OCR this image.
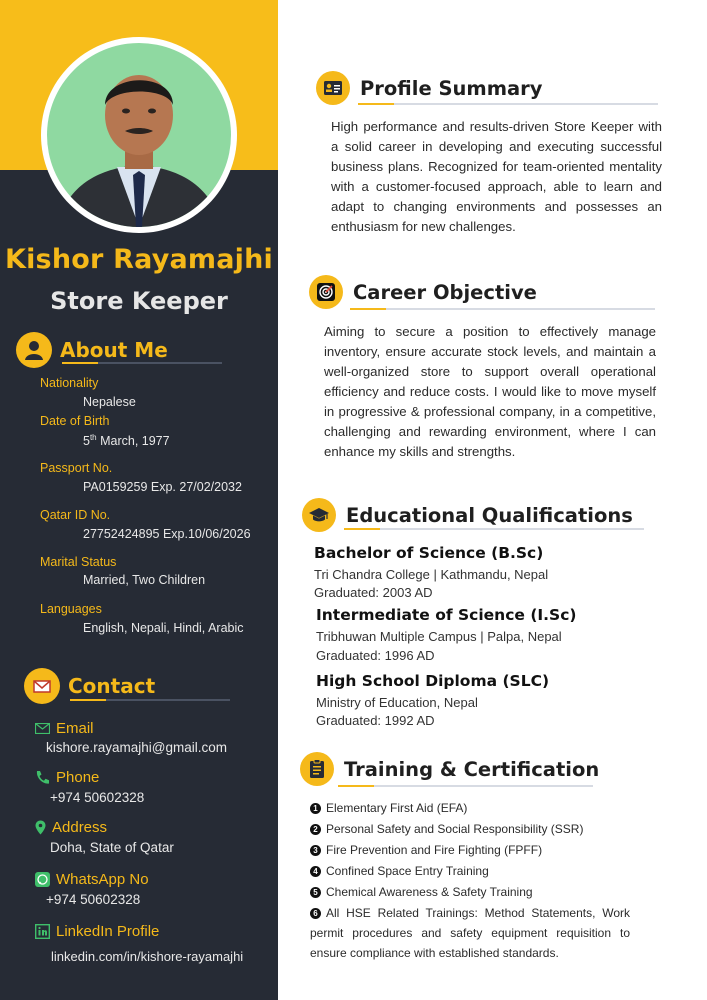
Kishor Rayamajhi
Store Keeper
About Me
Nationality
Nepalese
Date of Birth
5th March, 1977
Passport No.
PA0159259 Exp. 27/02/2032
Qatar ID No.
27752424895 Exp.10/06/2026
Marital Status
Married, Two Children
Languages
English, Nepali, Hindi, Arabic
Contact
Email
kishore.rayamajhi@gmail.com
Phone
+974 50602328
Address
Doha, State of Qatar
WhatsApp No
+974 50602328
LinkedIn Profile
linkedin.com/in/kishore-rayamajhi
Profile Summary
High performance and results-driven Store Keeper with a solid career in developing and executing successful business plans. Recognized for team-oriented mentality with a customer-focused approach, able to learn and adapt to changing environments and possesses an enthusiasm for new challenges.
Career Objective
Aiming to secure a position to effectively manage inventory, ensure accurate stock levels, and maintain a well-organized store to support overall operational efficiency and reduce costs. I would like to move myself in progressive & professional company, in a competitive, challenging and rewarding environment, where I can enhance my skills and strengths.
Educational Qualifications
Bachelor of Science (B.Sc)
Tri Chandra College | Kathmandu, Nepal
Graduated: 2003 AD
Intermediate of Science (I.Sc)
Tribhuwan Multiple Campus | Palpa, Nepal
Graduated: 1996 AD
High School Diploma (SLC)
Ministry of Education, Nepal
Graduated: 1992 AD
Training & Certification
1 Elementary First Aid (EFA)
2 Personal Safety and Social Responsibility (SSR)
3 Fire Prevention and Fire Fighting (FPFF)
4 Confined Space Entry Training
5 Chemical Awareness & Safety Training
6 All HSE Related Trainings: Method Statements, Work permit procedures and safety equipment requisition to ensure compliance with established standards.
